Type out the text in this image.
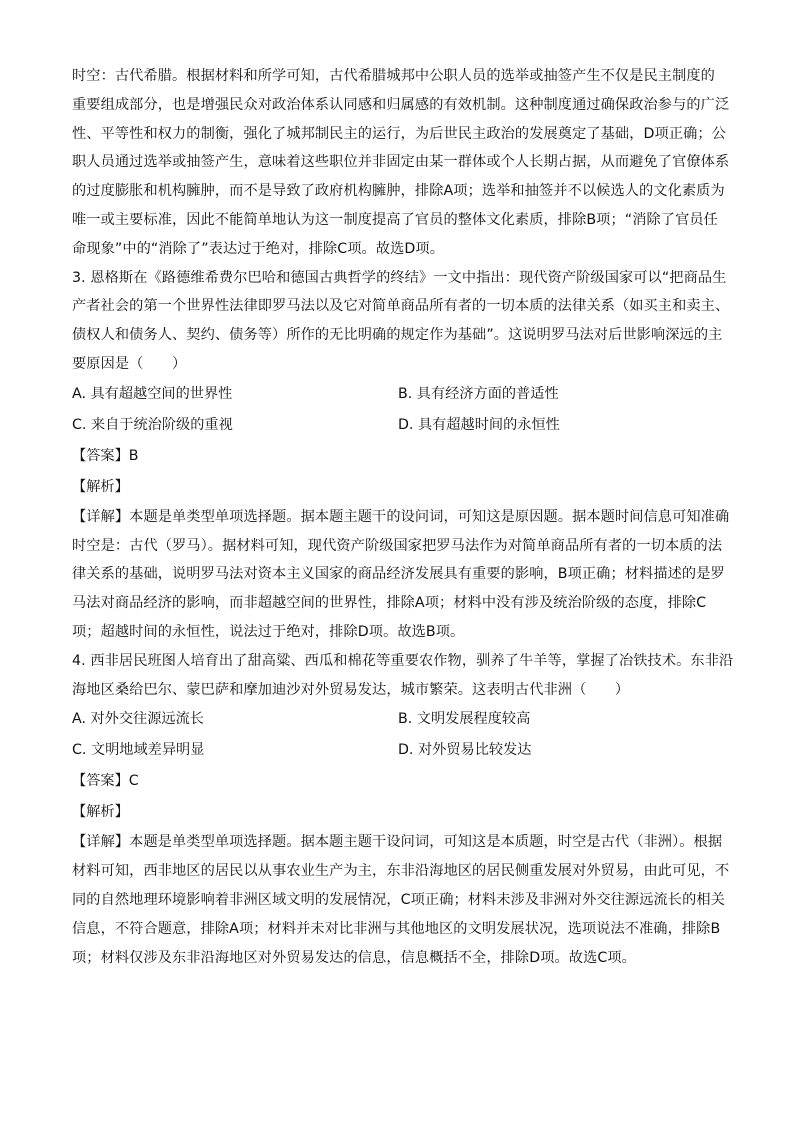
时空：古代希腊。根据材料和所学可知，古代希腊城邦中公职人员的选举或抽签产生不仅是民主制度的

重要组成部分，也是增强民众对政治体系认同感和归属感的有效机制。这种制度通过确保政治参与的广泛

性、平等性和权力的制衡，强化了城邦制民主的运行，为后世民主政治的发展奠定了基础，D项正确；公

职人员通过选举或抽签产生，意味着这些职位并非固定由某一群体或个人长期占据，从而避免了官僚体系

的过度膨胀和机构臃肿，而不是导致了政府机构臃肿，排除A项；选举和抽签并不以候选人的文化素质为

唯一或主要标准，因此不能简单地认为这一制度提高了官员的整体文化素质，排除B项；“消除了官员任

命现象”中的“消除了”表达过于绝对，排除C项。故选D项。

3. 恩格斯在《路德维希费尔巴哈和德国古典哲学的终结》一文中指出：现代资产阶级国家可以“把商品生

产者社会的第一个世界性法律即罗马法以及它对简单商品所有者的一切本质的法律关系（如买主和卖主、

债权人和债务人、契约、债务等）所作的无比明确的规定作为基础”。这说明罗马法对后世影响深远的主

要原因是（　　）

A. 具有超越空间的世界性	B. 具有经济方面的普适性
C. 来自于统治阶级的重视	D. 具有超越时间的永恒性
【答案】B
【解析】

【详解】本题是单类型单项选择题。据本题主题干的设问词，可知这是原因题。据本题时间信息可知准确

时空是：古代（罗马）。据材料可知，现代资产阶级国家把罗马法作为对简单商品所有者的一切本质的法

律关系的基础，说明罗马法对资本主义国家的商品经济发展具有重要的影响，B项正确；材料描述的是罗

马法对商品经济的影响，而非超越空间的世界性，排除A项；材料中没有涉及统治阶级的态度，排除C

项；超越时间的永恒性，说法过于绝对，排除D项。故选B项。

4. 西非居民班图人培育出了甜高粱、西瓜和棉花等重要农作物，驯养了牛羊等，掌握了冶铁技术。东非沿

海地区桑给巴尔、蒙巴萨和摩加迪沙对外贸易发达，城市繁荣。这表明古代非洲（　　）

A. 对外交往源远流长	B. 文明发展程度较高
C. 文明地域差异明显	D. 对外贸易比较发达
【答案】C
【解析】

【详解】本题是单类型单项选择题。据本题主题干设问词，可知这是本质题，时空是古代（非洲）。根据

材料可知，西非地区的居民以从事农业生产为主，东非沿海地区的居民侧重发展对外贸易，由此可见，不

同的自然地理环境影响着非洲区域文明的发展情况，C项正确；材料未涉及非洲对外交往源远流长的相关

信息，不符合题意，排除A项；材料并未对比非洲与其他地区的文明发展状况，选项说法不准确，排除B

项；材料仅涉及东非沿海地区对外贸易发达的信息，信息概括不全，排除D项。故选C项。
